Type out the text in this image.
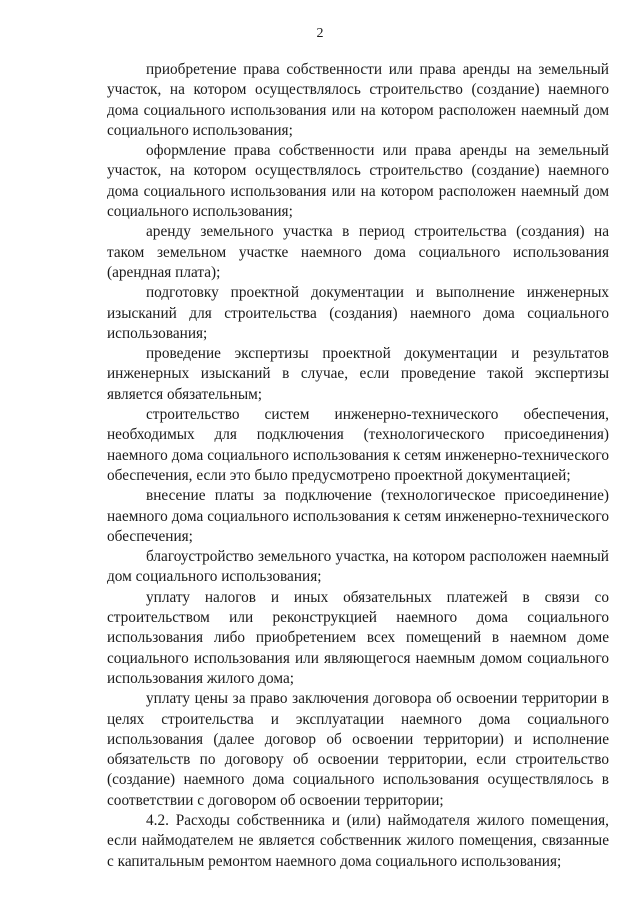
2

приобретение права собственности или права аренды на земельный участок, на котором осуществлялось строительство (создание) наемного дома социального использования или на котором расположен наемный дом социального использования;

оформление права собственности или права аренды на земельный участок, на котором осуществлялось строительство (создание) наемного дома социального использования или на котором расположен наемный дом социального использования;

аренду земельного участка в период строительства (создания) на таком земельном участке наемного дома социального использования (арендная плата);

подготовку проектной документации и выполнение инженерных изысканий для строительства (создания) наемного дома социального использования;

проведение экспертизы проектной документации и результатов инженерных изысканий в случае, если проведение такой экспертизы является обязательным;

строительство систем инженерно-технического обеспечения, необходимых для подключения (технологического присоединения) наемного дома социального использования к сетям инженерно-технического обеспечения, если это было предусмотрено проектной документацией;

внесение платы за подключение (технологическое присоединение) наемного дома социального использования к сетям инженерно-технического обеспечения;

благоустройство земельного участка, на котором расположен наемный дом социального использования;

уплату налогов и иных обязательных платежей в связи со строительством или реконструкцией наемного дома социального использования либо приобретением всех помещений в наемном доме социального использования или являющегося наемным домом социального использования жилого дома;

уплату цены за право заключения договора об освоении территории в целях строительства и эксплуатации наемного дома социального использования (далее договор об освоении территории) и исполнение обязательств по договору об освоении территории, если строительство (создание) наемного дома социального использования осуществлялось в соответствии с договором об освоении территории;

4.2. Расходы собственника и (или) наймодателя жилого помещения, если наймодателем не является собственник жилого помещения, связанные с капитальным ремонтом наемного дома социального использования;
